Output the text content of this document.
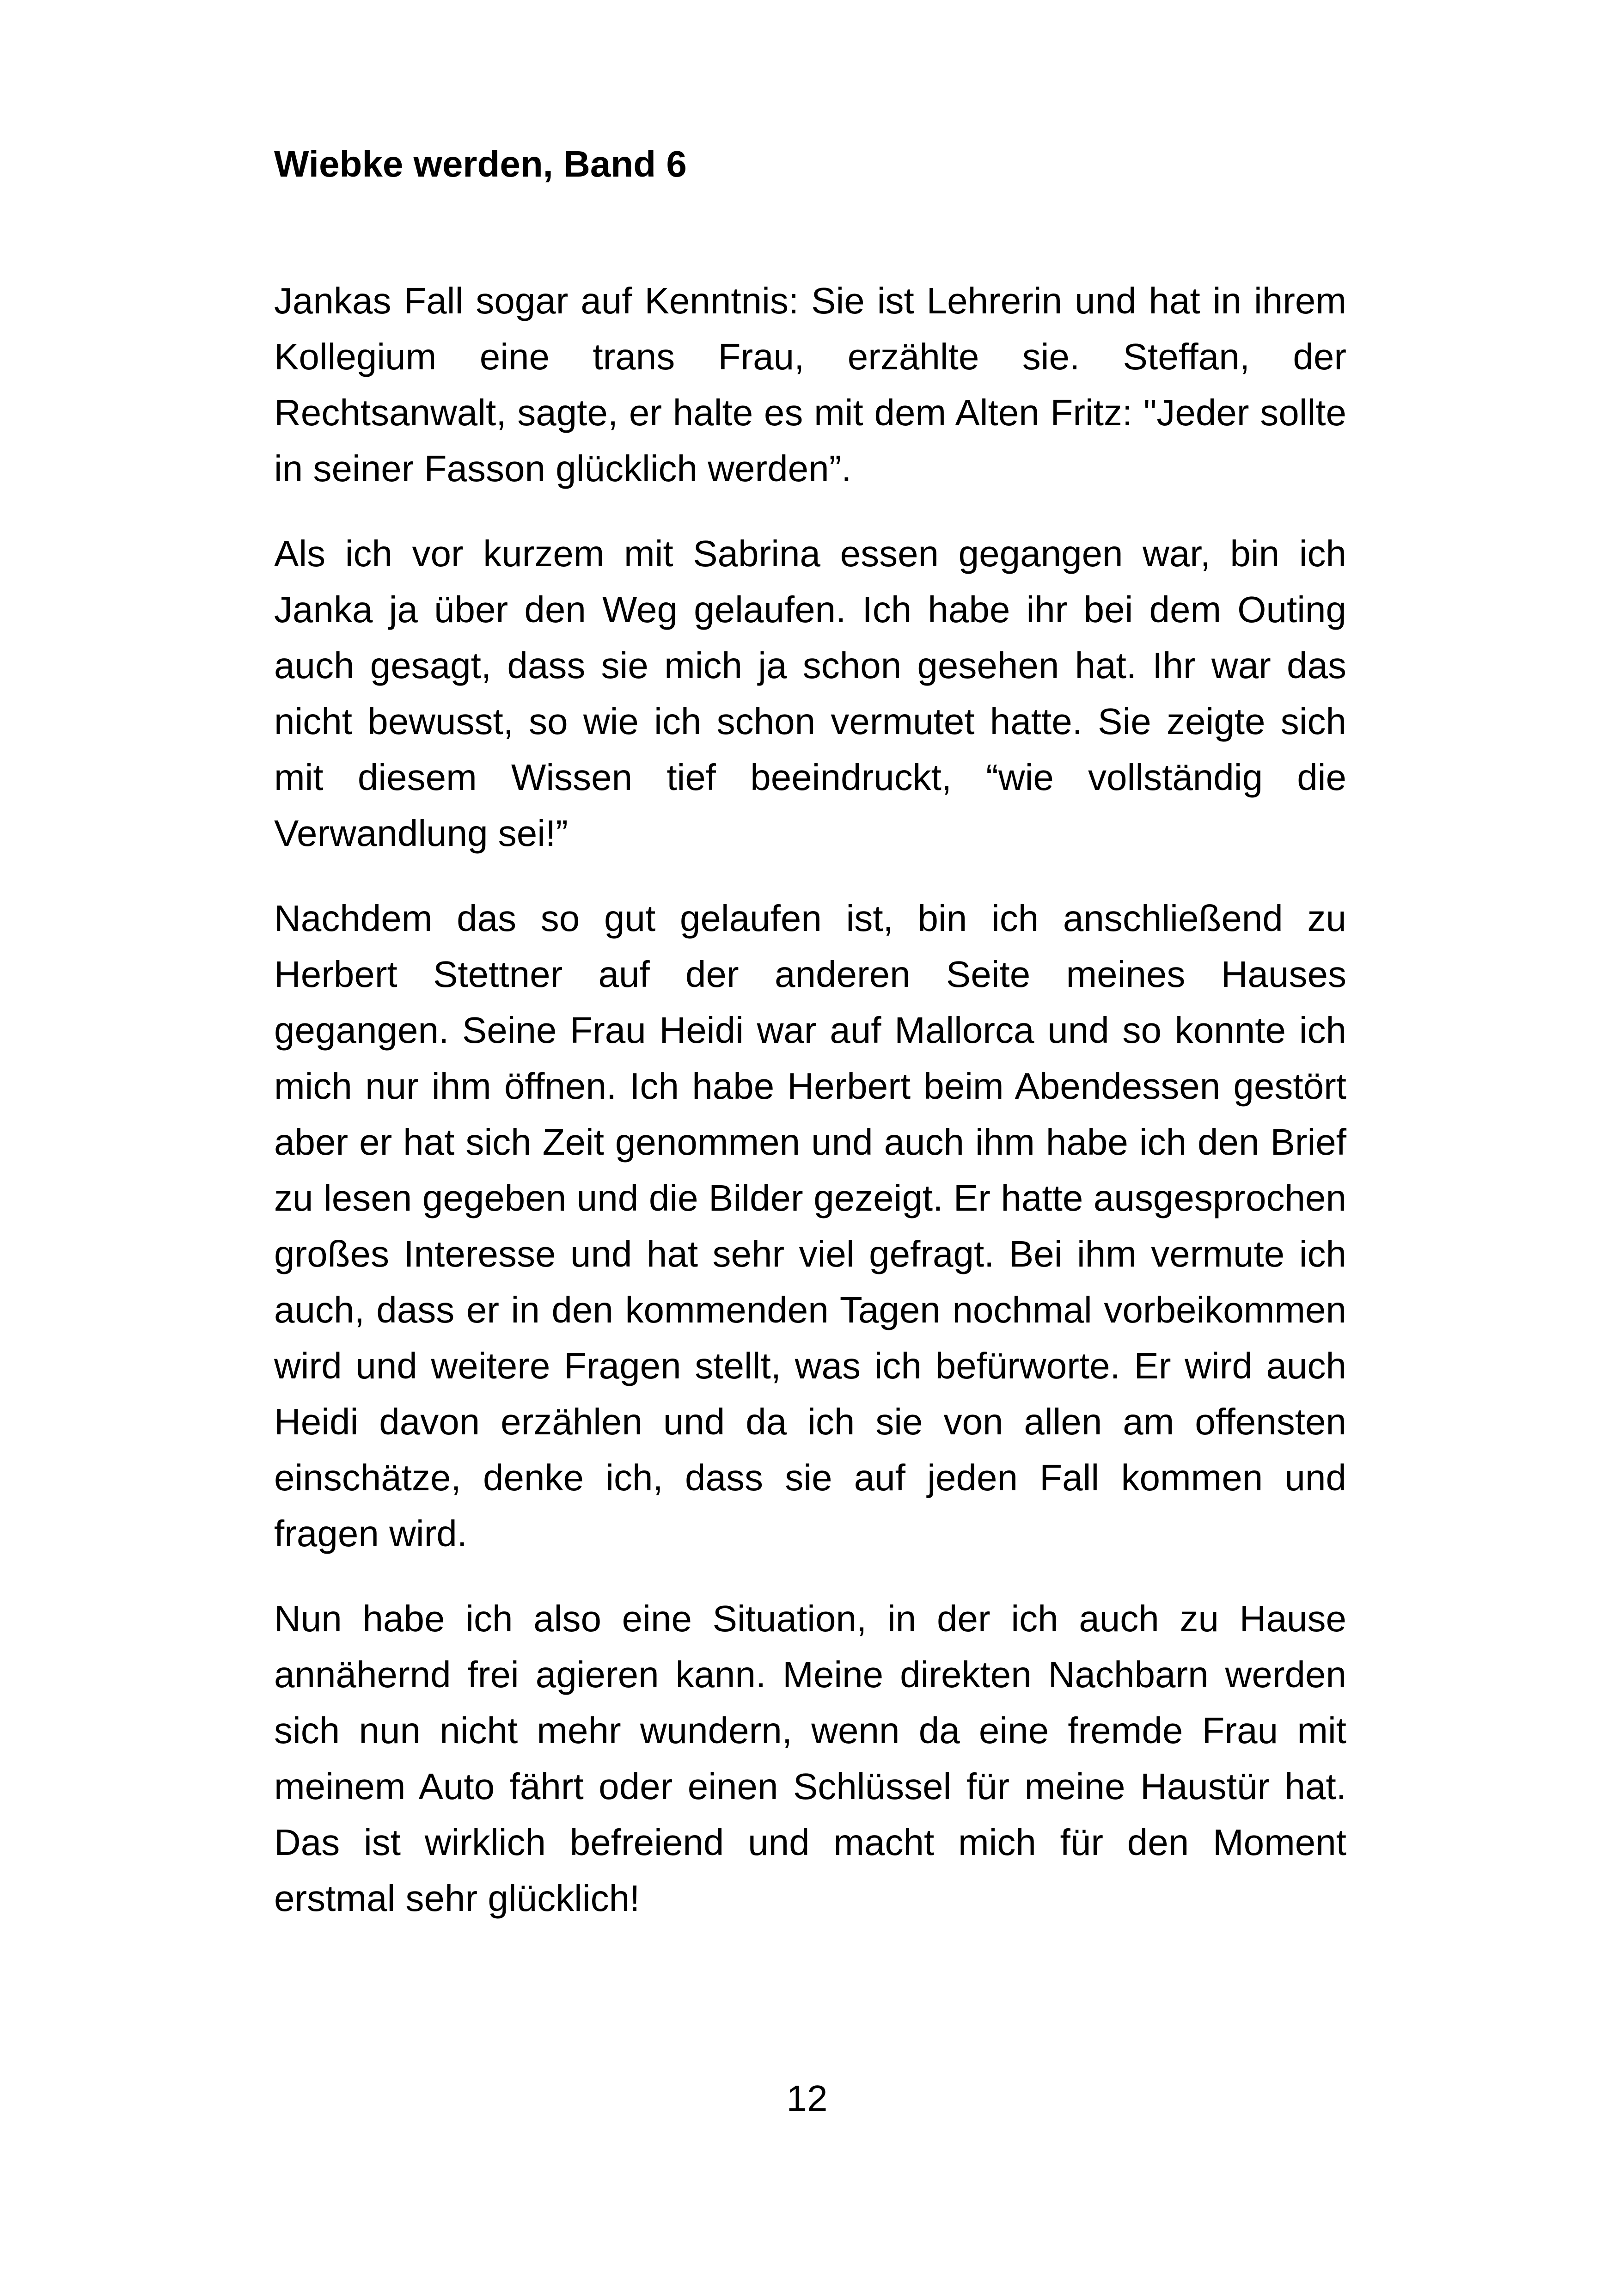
Wiebke werden, Band 6

Jankas Fall sogar auf Kenntnis: Sie ist Lehrerin und hat in ihrem Kollegium eine trans Frau, erzählte sie. Steffan, der Rechtsanwalt, sagte, er halte es mit dem Alten Fritz: "Jeder sollte in seiner Fasson glücklich werden”.

Als ich vor kurzem mit Sabrina essen gegangen war, bin ich Janka ja über den Weg gelaufen. Ich habe ihr bei dem Outing auch gesagt, dass sie mich ja schon gesehen hat. Ihr war das nicht bewusst, so wie ich schon vermutet hatte. Sie zeigte sich mit diesem Wissen tief beeindruckt, “wie vollständig die Verwandlung sei!”

Nachdem das so gut gelaufen ist, bin ich anschließend zu Herbert Stettner auf der anderen Seite meines Hauses gegangen. Seine Frau Heidi war auf Mallorca und so konnte ich mich nur ihm öffnen. Ich habe Herbert beim Abendessen gestört aber er hat sich Zeit genommen und auch ihm habe ich den Brief zu lesen gegeben und die Bilder gezeigt. Er hatte ausgesprochen großes Interesse und hat sehr viel gefragt. Bei ihm vermute ich auch, dass er in den kommenden Tagen nochmal vorbeikommen wird und weitere Fragen stellt, was ich befürworte. Er wird auch Heidi davon erzählen und da ich sie von allen am offensten einschätze, denke ich, dass sie auf jeden Fall kommen und fragen wird.

Nun habe ich also eine Situation, in der ich auch zu Hause annähernd frei agieren kann. Meine direkten Nachbarn werden sich nun nicht mehr wundern, wenn da eine fremde Frau mit meinem Auto fährt oder einen Schlüssel für meine Haustür hat. Das ist wirklich befreiend und macht mich für den Moment erstmal sehr glücklich!

12
